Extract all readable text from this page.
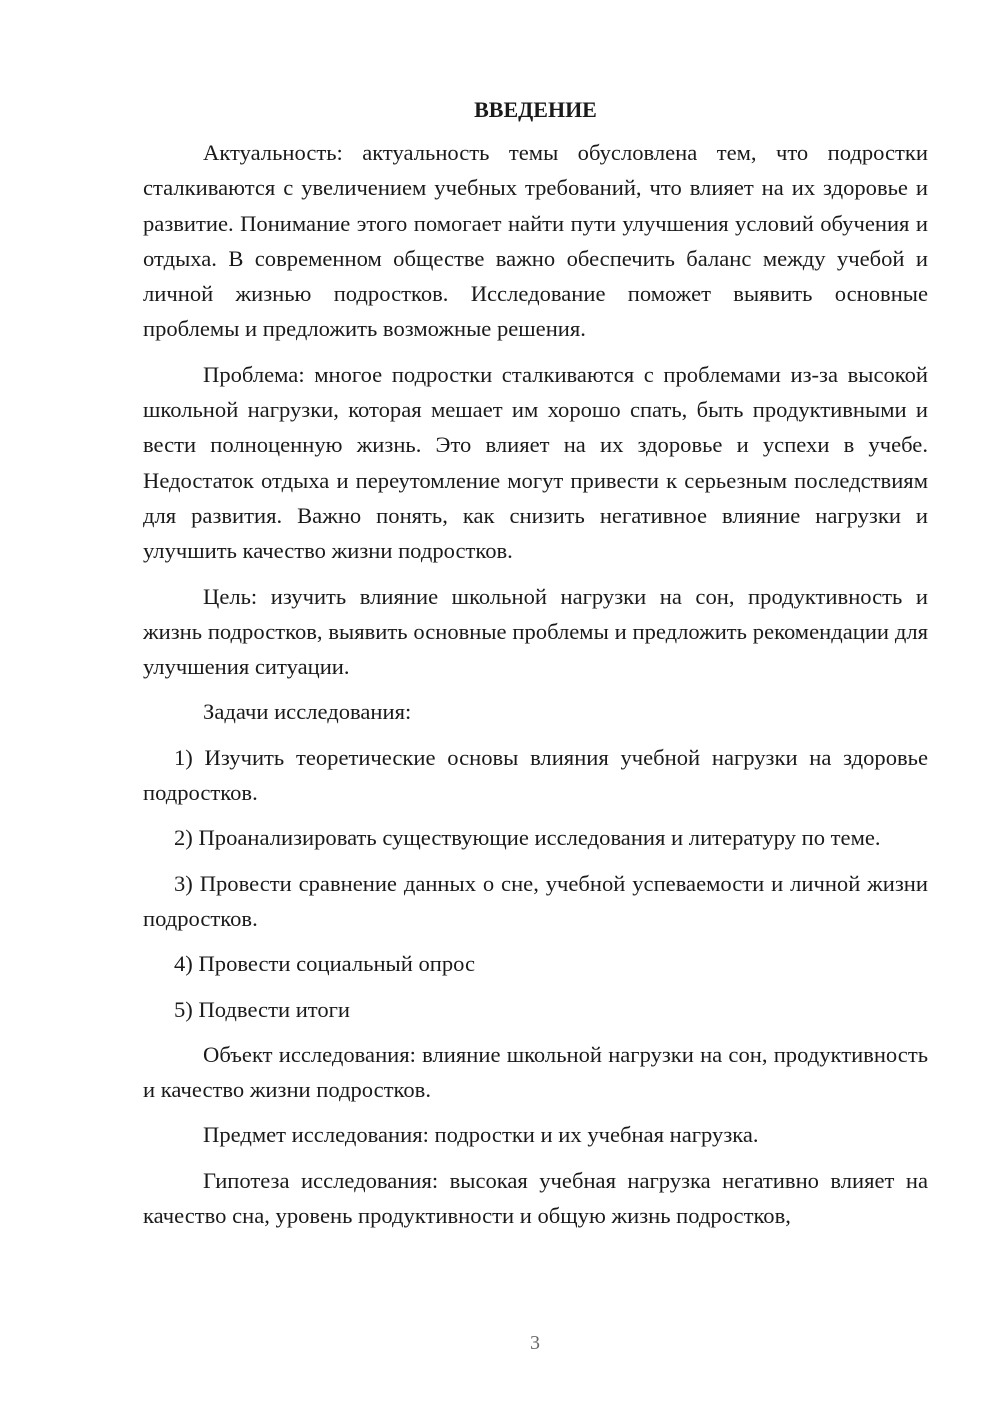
ВВЕДЕНИЕ

Актуальность: актуальность темы обусловлена тем, что подростки сталкиваются с увеличением учебных требований, что влияет на их здоровье и развитие. Понимание этого помогает найти пути улучшения условий обучения и отдыха. В современном обществе важно обеспечить баланс между учебой и личной жизнью подростков. Исследование поможет выявить основные проблемы и предложить возможные решения.

Проблема: многое подростки сталкиваются с проблемами из-за высокой школьной нагрузки, которая мешает им хорошо спать, быть продуктивными и вести полноценную жизнь. Это влияет на их здоровье и успехи в учебе. Недостаток отдыха и переутомление могут привести к серьезным последствиям для развития. Важно понять, как снизить негативное влияние нагрузки и улучшить качество жизни подростков.

Цель: изучить влияние школьной нагрузки на сон, продуктивность и жизнь подростков, выявить основные проблемы и предложить рекомендации для улучшения ситуации.

Задачи исследования:

1) Изучить теоретические основы влияния учебной нагрузки на здоровье подростков.

2) Проанализировать существующие исследования и литературу по теме.

3) Провести сравнение данных о сне, учебной успеваемости и личной жизни подростков.

4) Провести социальный опрос

5) Подвести итоги

Объект исследования: влияние школьной нагрузки на сон, продуктивность и качество жизни подростков.

Предмет исследования: подростки и их учебная нагрузка.

Гипотеза исследования: высокая учебная нагрузка негативно влияет на качество сна, уровень продуктивности и общую жизнь подростков,

3
